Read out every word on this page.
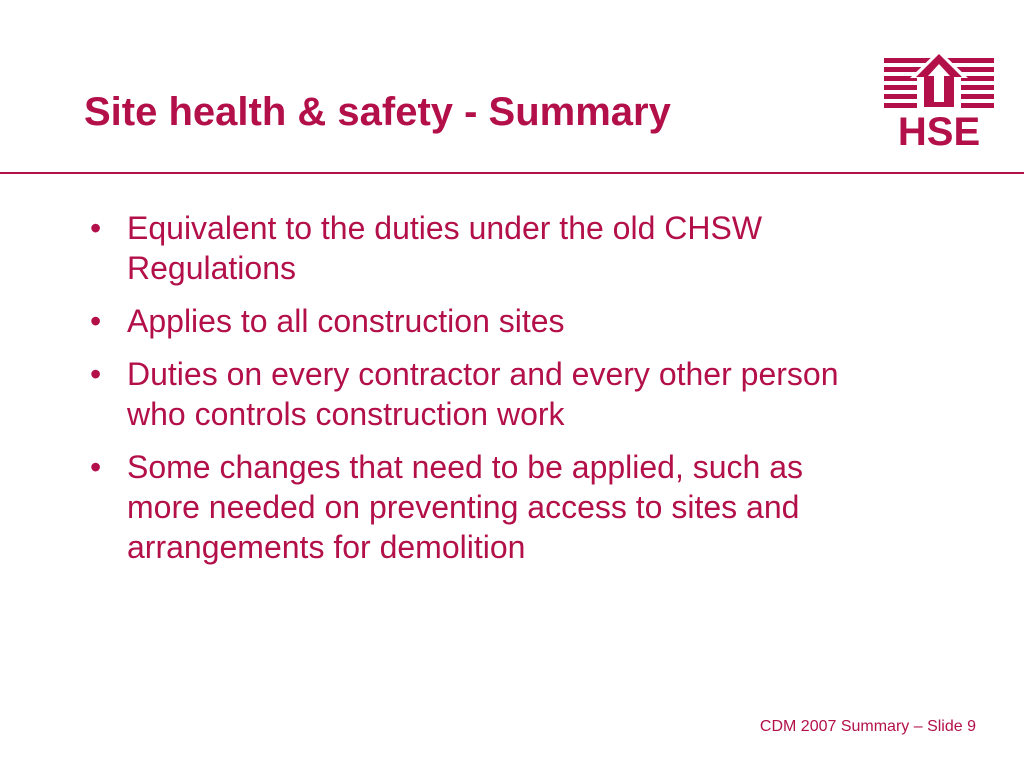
Site health & safety - Summary	HSE
• Equivalent to the duties under the old CHSW Regulations
• Applies to all construction sites
• Duties on every contractor and every other person who controls construction work
• Some changes that need to be applied, such as more needed on preventing access to sites and arrangements for demolition
CDM 2007 Summary – Slide 9
